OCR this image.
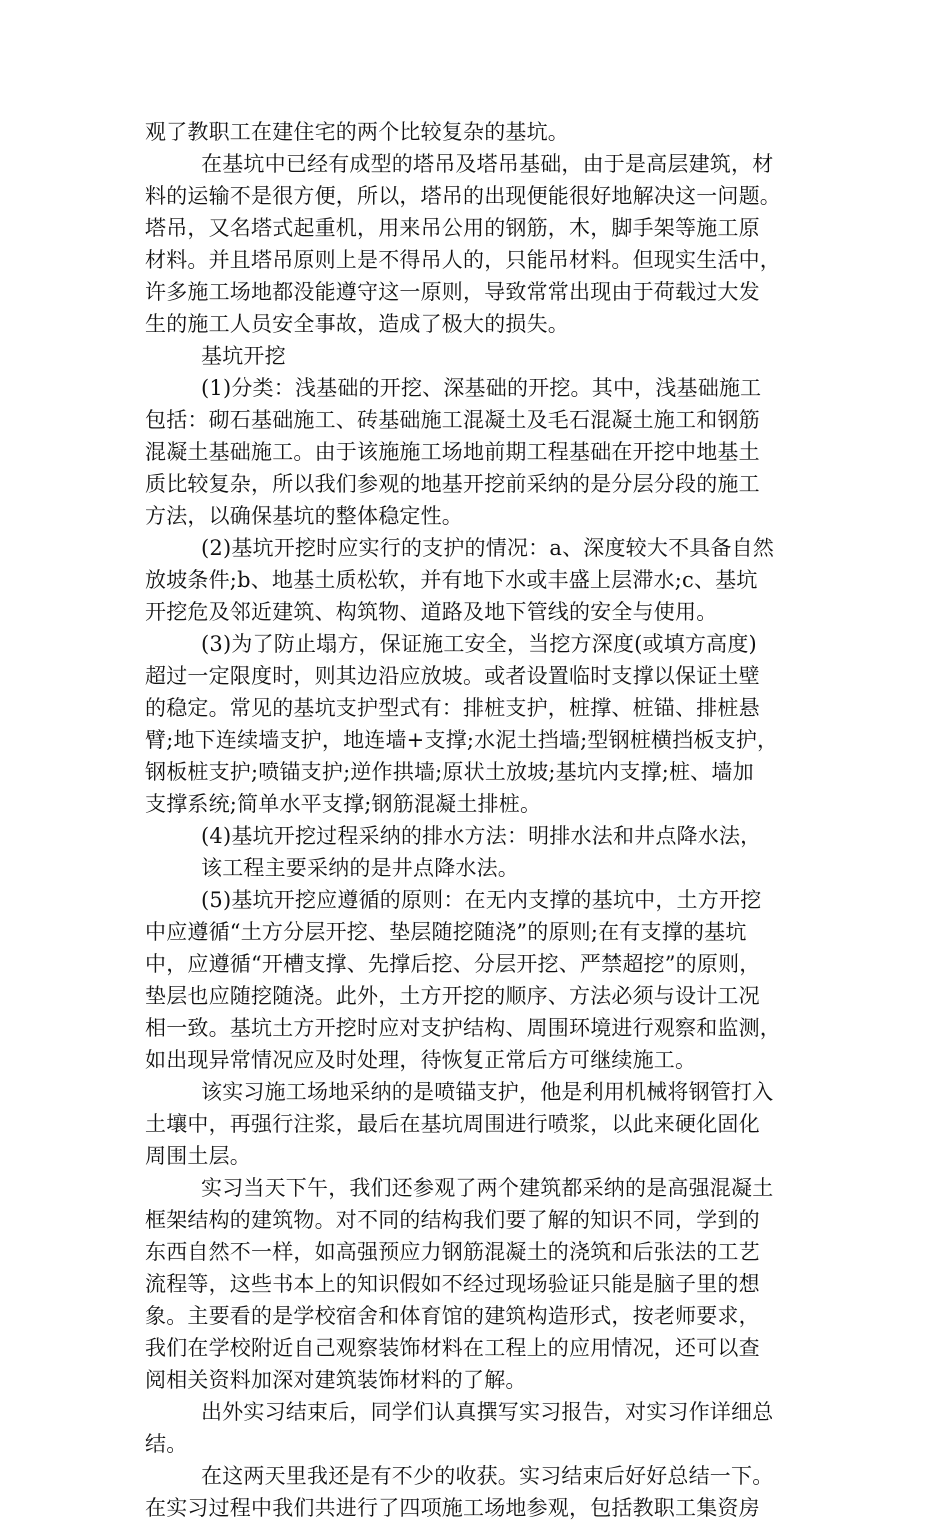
观了教职工在建住宅的两个比较复杂的基坑。
在基坑中已经有成型的塔吊及塔吊基础，由于是高层建筑，材
料的运输不是很方便，所以，塔吊的出现便能很好地解决这一问题。
塔吊，又名塔式起重机，用来吊公用的钢筋，木，脚手架等施工原
材料。并且塔吊原则上是不得吊人的，只能吊材料。但现实生活中，
许多施工场地都没能遵守这一原则，导致常常出现由于荷载过大发
生的施工人员安全事故，造成了极大的损失。
基坑开挖
(1)分类：浅基础的开挖、深基础的开挖。其中，浅基础施工
包括：砌石基础施工、砖基础施工混凝土及毛石混凝土施工和钢筋
混凝土基础施工。由于该施施工场地前期工程基础在开挖中地基土
质比较复杂，所以我们参观的地基开挖前采纳的是分层分段的施工
方法，以确保基坑的整体稳定性。
(2)基坑开挖时应实行的支护的情况：a、深度较大不具备自然
放坡条件;b、地基土质松软，并有地下水或丰盛上层滞水;c、基坑
开挖危及邻近建筑、构筑物、道路及地下管线的安全与使用。
(3)为了防止塌方，保证施工安全，当挖方深度(或填方高度)
超过一定限度时，则其边沿应放坡。或者设置临时支撑以保证土壁
的稳定。常见的基坑支护型式有：排桩支护，桩撑、桩锚、排桩悬
臂;地下连续墙支护，地连墙+支撑;水泥土挡墙;型钢桩横挡板支护，
钢板桩支护;喷锚支护;逆作拱墙;原状土放坡;基坑内支撑;桩、墙加
支撑系统;简单水平支撑;钢筋混凝土排桩。
(4)基坑开挖过程采纳的排水方法：明排水法和井点降水法，
该工程主要采纳的是井点降水法。
(5)基坑开挖应遵循的原则：在无内支撑的基坑中，土方开挖
中应遵循“土方分层开挖、垫层随挖随浇”的原则;在有支撑的基坑
中，应遵循“开槽支撑、先撑后挖、分层开挖、严禁超挖”的原则，
垫层也应随挖随浇。此外，土方开挖的顺序、方法必须与设计工况
相一致。基坑土方开挖时应对支护结构、周围环境进行观察和监测，
如出现异常情况应及时处理，待恢复正常后方可继续施工。
该实习施工场地采纳的是喷锚支护，他是利用机械将钢管打入
土壤中，再强行注浆，最后在基坑周围进行喷浆，以此来硬化固化
周围土层。
实习当天下午，我们还参观了两个建筑都采纳的是高强混凝土
框架结构的建筑物。对不同的结构我们要了解的知识不同，学到的
东西自然不一样，如高强预应力钢筋混凝土的浇筑和后张法的工艺
流程等，这些书本上的知识假如不经过现场验证只能是脑子里的想
象。主要看的是学校宿舍和体育馆的建筑构造形式，按老师要求，
我们在学校附近自己观察装饰材料在工程上的应用情况，还可以查
阅相关资料加深对建筑装饰材料的了解。
出外实习结束后，同学们认真撰写实习报告，对实习作详细总
结。
在这两天里我还是有不少的收获。实习结束后好好总结一下。
在实习过程中我们共进行了四项施工场地参观，包括教职工集资房
